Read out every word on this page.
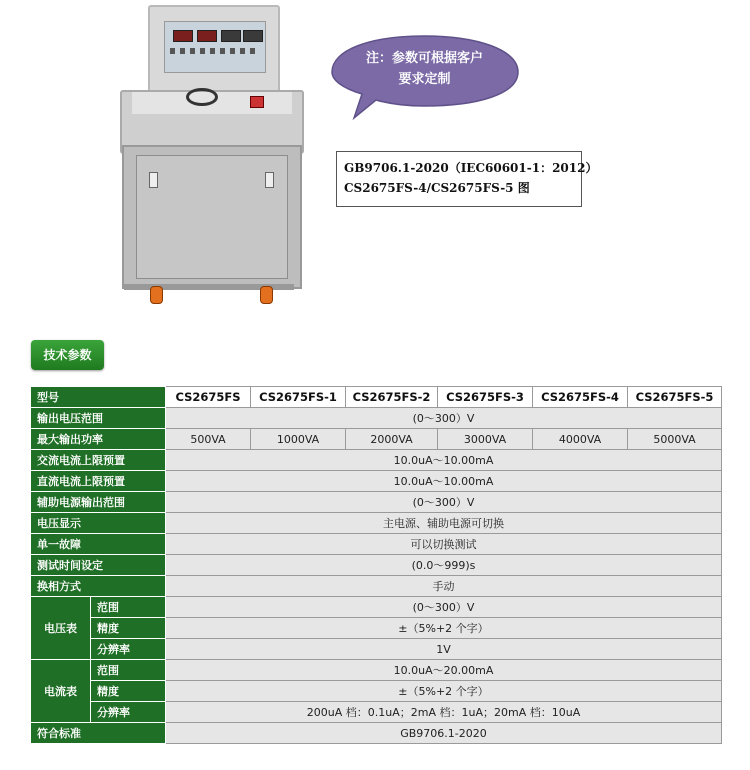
注：参数可根据客户
要求定制
GB9706.1-2020（IEC60601-1：2012）
CS2675FS-4/CS2675FS-5 图
技术参数
型号		CS2675FS	CS2675FS-1	CS2675FS-2	CS2675FS-3	CS2675FS-4	CS2675FS-5
输出电压范围		(0～300）V					
最大输出功率		500VA	1000VA	2000VA	3000VA	4000VA	5000VA
交流电流上限预置		10.0uA～10.00mA					
直流电流上限预置		10.0uA～10.00mA					
辅助电源输出范围		(0～300）V					
电压显示		主电源、辅助电源可切换					
单一故障		可以切换测试					
测试时间设定		(0.0～999)s					
换相方式		手动					
电压表	范围	(0～300）V					
	精度	±（5%+2 个字）					
	分辨率	1V					
电流表	范围	10.0uA～20.00mA					
	精度	±（5%+2 个字）					
	分辨率	200uA 档：0.1uA；2mA 档：1uA；20mA 档：10uA					
符合标准		GB9706.1-2020					
